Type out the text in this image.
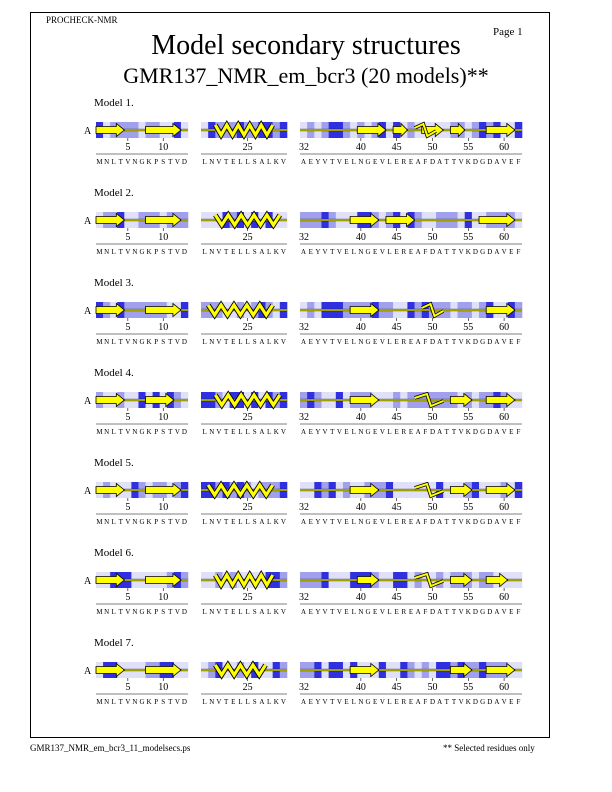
PROCHECK-NMR
Page 1
Model secondary structures
GMR137_NMR_em_bcr3 (20 models)**
Model 1.
A
5	10
M N L T V N G K P S T V D
25
L N V T E L L S A L K V
32	40	45	50	55	60
A E Y V T V E L N G E V L E R E A F D A T T V K D G D A V E F
Model 2.
A
5	10
M N L T V N G K P S T V D
25
L N V T E L L S A L K V
32	40	45	50	55	60
A E Y V T V E L N G E V L E R E A F D A T T V K D G D A V E F
Model 3.
A
5	10
M N L T V N G K P S T V D
25
L N V T E L L S A L K V
32	40	45	50	55	60
A E Y V T V E L N G E V L E R E A F D A T T V K D G D A V E F
Model 4.
A
5	10
M N L T V N G K P S T V D
25
L N V T E L L S A L K V
32	40	45	50	55	60
A E Y V T V E L N G E V L E R E A F D A T T V K D G D A V E F
Model 5.
A
5	10
M N L T V N G K P S T V D
25
L N V T E L L S A L K V
32	40	45	50	55	60
A E Y V T V E L N G E V L E R E A F D A T T V K D G D A V E F
Model 6.
A
5	10
M N L T V N G K P S T V D
25
L N V T E L L S A L K V
32	40	45	50	55	60
A E Y V T V E L N G E V L E R E A F D A T T V K D G D A V E F
Model 7.
A
5	10
M N L T V N G K P S T V D
25
L N V T E L L S A L K V
32	40	45	50	55	60
A E Y V T V E L N G E V L E R E A F D A T T V K D G D A V E F
GMR137_NMR_em_bcr3_11_modelsecs.ps	** Selected residues only
